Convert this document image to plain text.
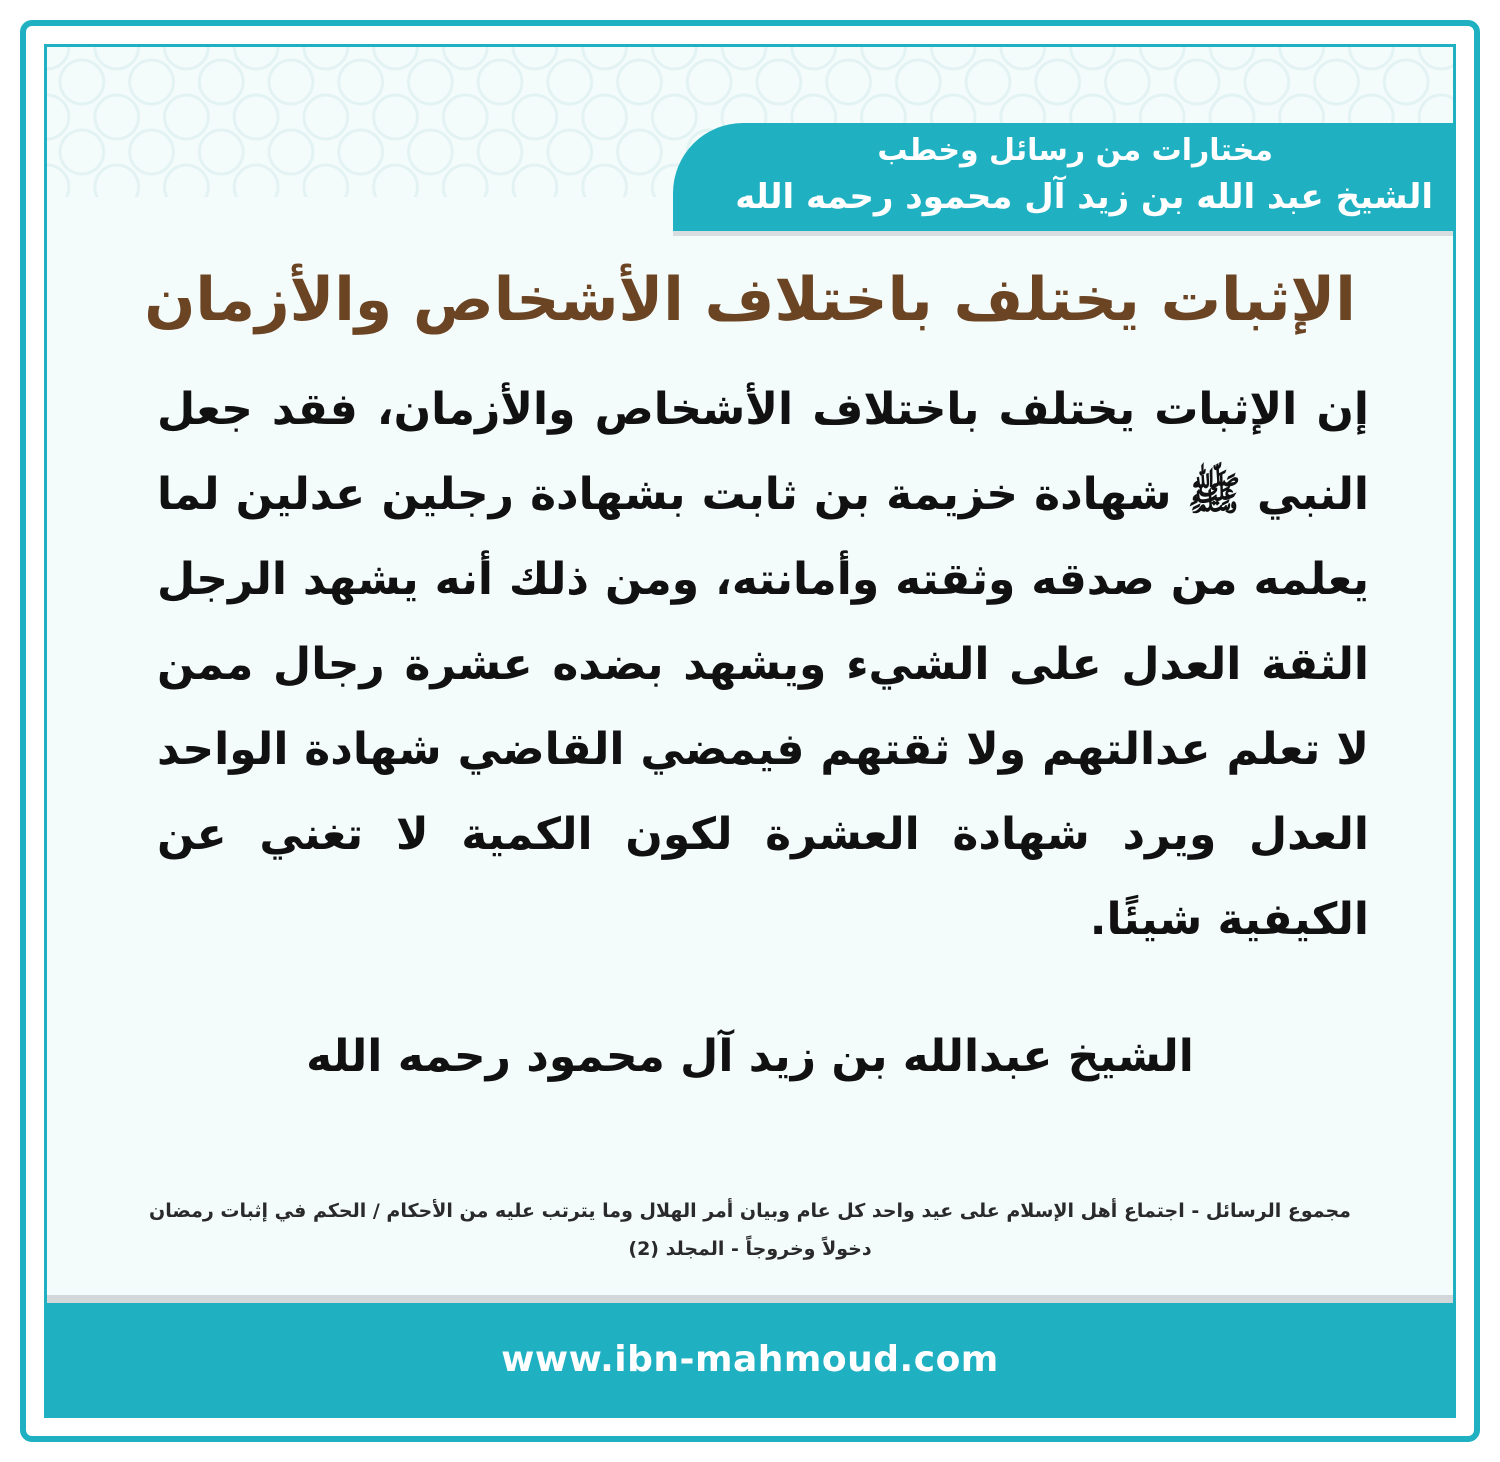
مختارات من رسائل وخطب
الشيخ عبد الله بن زيد آل محمود رحمه الله
الإثبات يختلف باختلاف الأشخاص والأزمان
إن الإثبات يختلف باختلاف الأشخاص والأزمان، فقد جعل النبي ﷺ شهادة خزيمة بن ثابت بشهادة رجلين عدلين لما يعلمه من صدقه وثقته وأمانته، ومن ذلك أنه يشهد الرجل الثقة العدل على الشيء ويشهد بضده عشرة رجال ممن لا تعلم عدالتهم ولا ثقتهم فيمضي القاضي شهادة الواحد العدل ويرد شهادة العشرة لكون الكمية لا تغني عن الكيفية شيئًا.
الشيخ عبدالله بن زيد آل محمود رحمه الله
مجموع الرسائل - اجتماع أهل الإسلام على عيد واحد كل عام وبيان أمر الهلال وما يترتب عليه من الأحكام / الحكم في إثبات رمضان دخولاً وخروجاً - المجلد (2)
www.ibn-mahmoud.com
